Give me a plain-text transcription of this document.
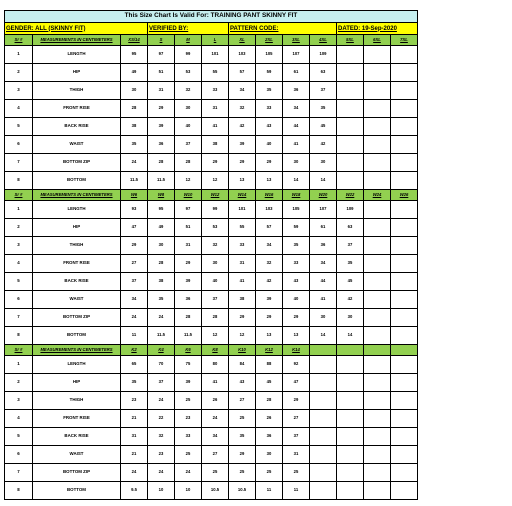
This Size Chart Is Valid For: TRAINING PANT SKINNY FIT												
GENDER: ALL (SKINNY FIT)			VERIFIED BY:			PATTERN CODE:				DATED: 19-Sep-2020		
Sr #	MEASUREMENTS IN CENTIMETERS	XS/14	S	M	L	XL	2XL	3XL	4XL	5XL	6XL	7XL
1	LENGTH	95	97	99	101	103	105	107	109			
2	HIP	49	51	53	55	57	59	61	63			
3	THIGH	30	31	32	33	34	35	36	37			
4	FRONT RISE	28	29	30	31	32	33	34	35			
5	BACK RISE	38	39	40	41	42	43	44	45			
6	WAIST	35	36	37	38	39	40	41	42			
7	BOTTOM ZIP	24	28	28	29	29	29	30	30			
8	BOTTOM	11.5	11.5	12	12	13	13	14	14			
Sr #	MEASUREMENTS IN CENTIMETERS	W6	W8	W10	W12	W14	W16	W18	W20	W22	W24	W26
1	LENGTH	93	95	97	99	101	103	105	107	109		
2	HIP	47	49	51	53	55	57	59	61	63		
3	THIGH	29	30	31	32	33	34	35	36	37		
4	FRONT RISE	27	28	29	30	31	32	33	34	35		
5	BACK RISE	37	38	39	40	41	42	43	44	45		
6	WAIST	34	35	36	37	38	39	40	41	42		
7	BOTTOM ZIP	24	24	28	28	29	29	29	30	30		
8	BOTTOM	11	11.5	11.5	12	12	13	13	14	14		
Sr #	MEASUREMENTS IN CENTIMETERS	K2	K4	K6	K8	K10	K12	K14				
1	LENGTH	65	70	75	80	84	88	92				
2	HIP	35	37	39	41	43	45	47				
3	THIGH	23	24	25	26	27	28	29				
4	FRONT RISE	21	22	23	24	25	26	27				
5	BACK RISE	31	32	33	34	35	36	37				
6	WAIST	21	23	25	27	29	30	31				
7	BOTTOM ZIP	24	24	24	25	25	25	25				
8	BOTTOM	9.5	10	10	10.5	10.5	11	11				
